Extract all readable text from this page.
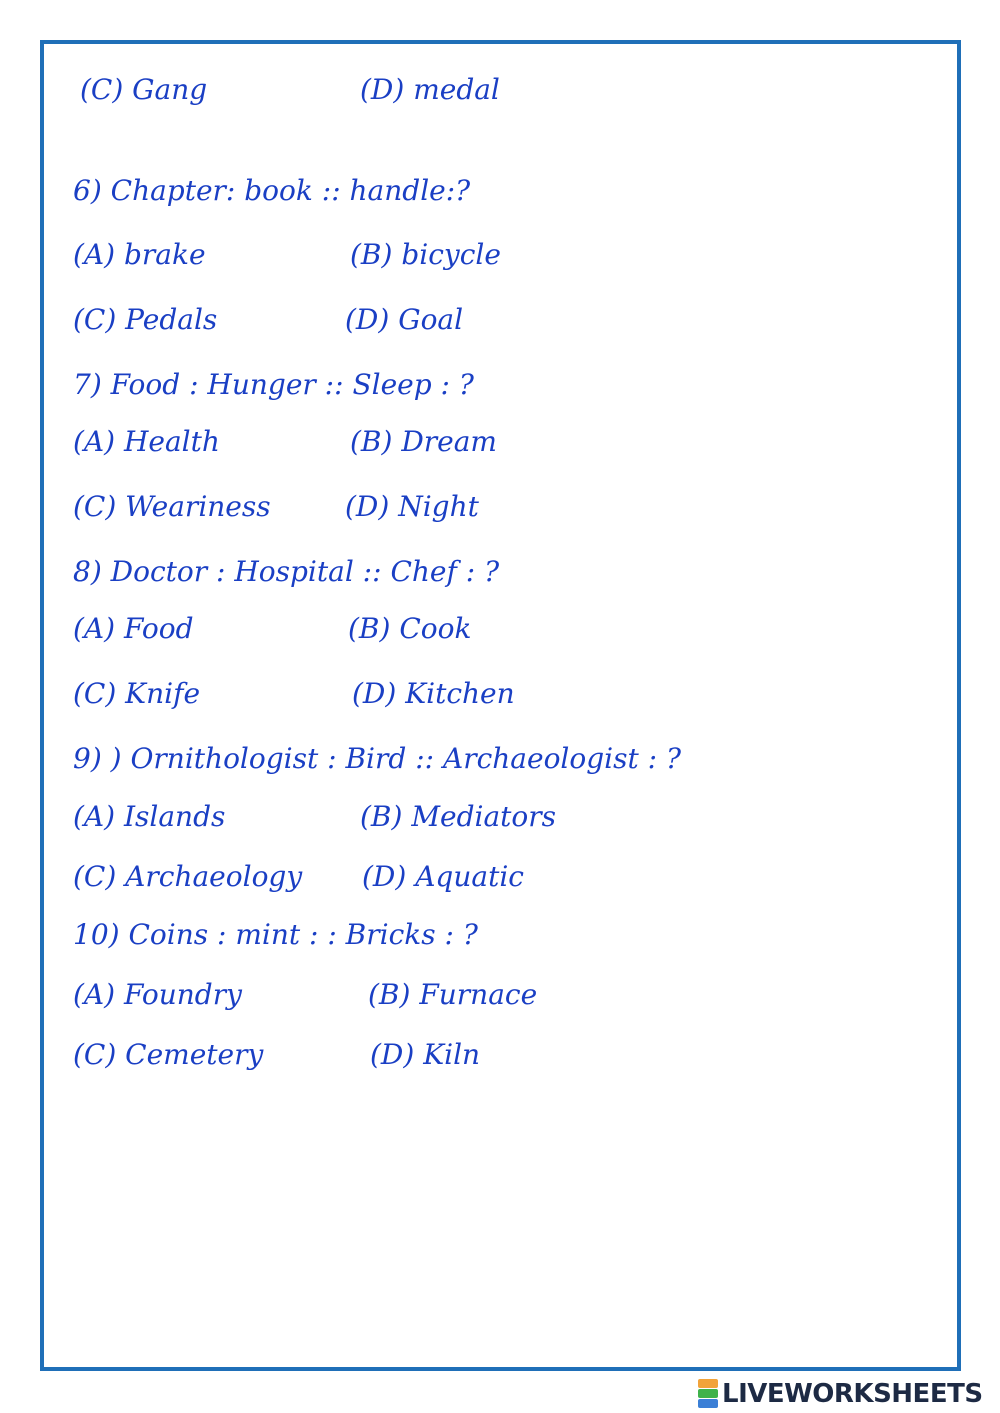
(C) Gang	(D) medal
6) Chapter: book :: handle:?
(A) brake	(B) bicycle
(C) Pedals	(D) Goal
7) Food : Hunger :: Sleep : ?
(A) Health	(B) Dream
(C) Weariness	(D) Night
8) Doctor : Hospital :: Chef : ?
(A) Food	(B) Cook
(C) Knife	(D) Kitchen
9) ) Ornithologist : Bird :: Archaeologist : ?
(A) Islands	(B) Mediators
(C) Archaeology (D) Aquatic
10) Coins : mint : : Bricks : ?
(A) Foundry	(B) Furnace
(C) Cemetery	(D) Kiln
LIVEWORKSHEETS
